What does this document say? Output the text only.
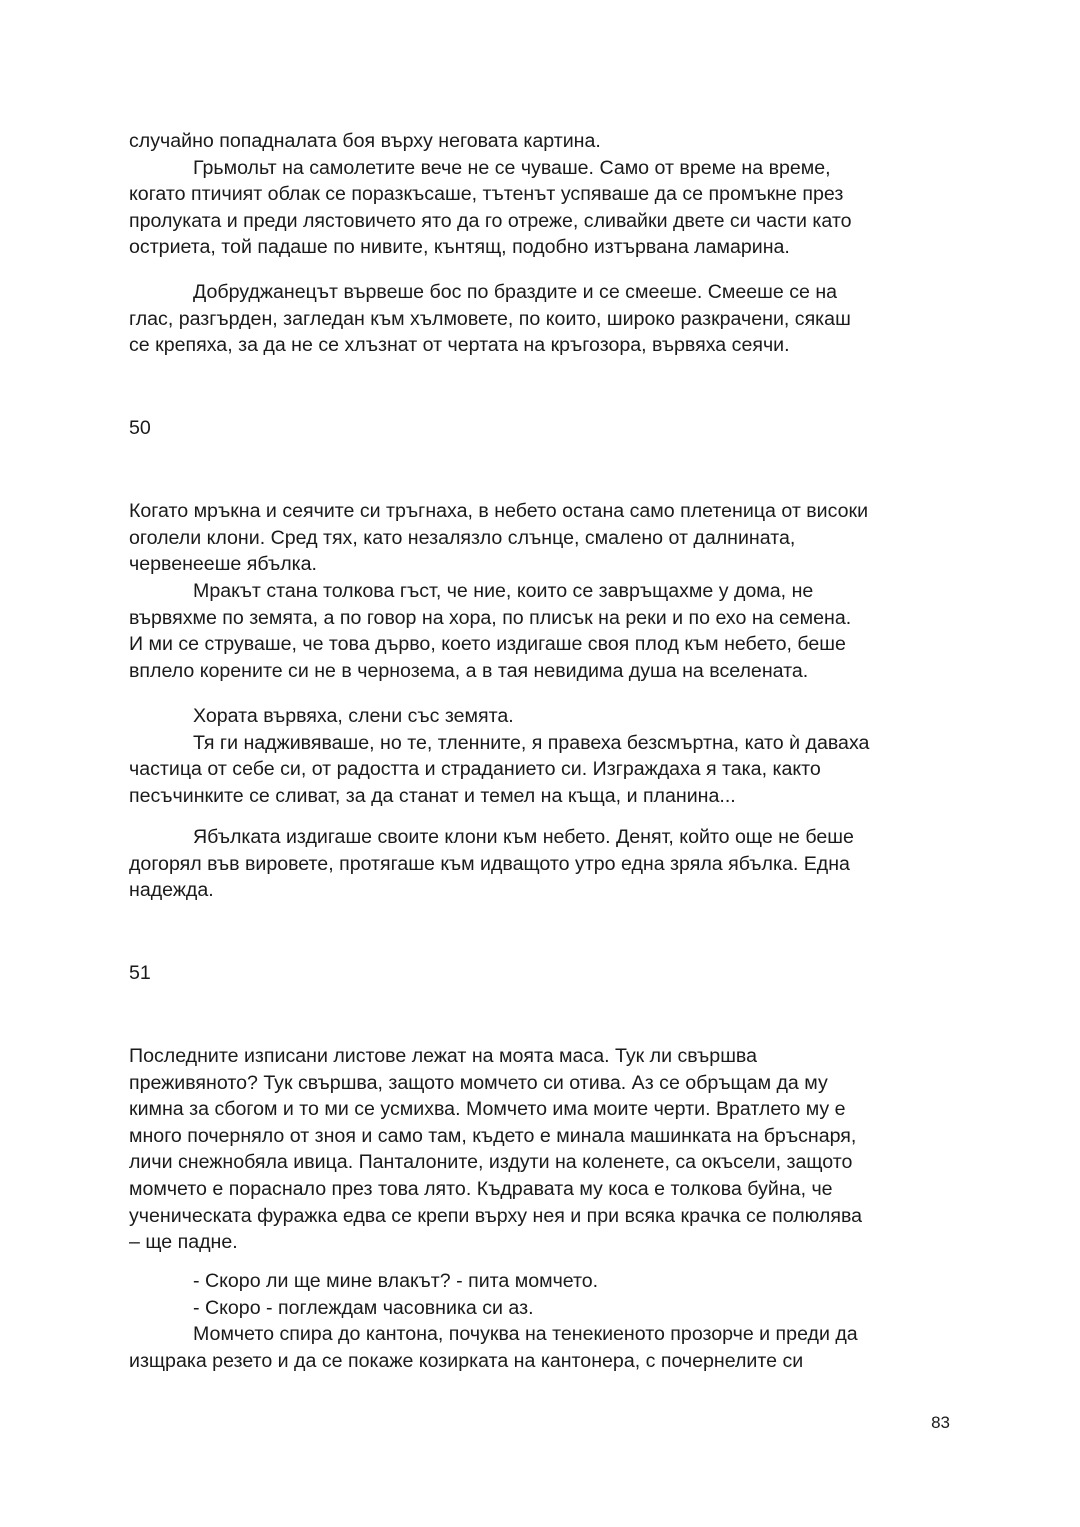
случайно попадналата боя върху неговата картина.
Грьмольт на самолетите вече не се чуваше. Само от време на време,
когато птичият облак се поразкъсаше, тътенът успяваше да се промъкне през
пролуката и преди лястовичето ято да го отреже, сливайки двете си части като
остриета, той падаше по нивите, кънтящ, подобно изтървана ламарина.
Добруджанецът вървеше бос по браздите и се смееше. Смееше се на
глас, разгърден, загледан към хълмовете, по които, широко разкрачени, сякаш
се крепяха, за да не се хлъзнат от чертата на кръгозора, вървяха сеячи.
Когато мръкна и сеячите си тръгнаха, в небето остана само плетеница от високи
оголели клони. Сред тях, като незалязло слънце, смалено от далнината,
червенееше ябълка.
Мракът стана толкова гъст, че ние, които се завръщахме у дома, не
вървяхме по земята, а по говор на хора, по плисък на реки и по ехо на семена.
И ми се струваше, че това дърво, което издигаше своя плод към небето, беше
вплело корените си не в чернозема, а в тая невидима душа на вселената.
Хората вървяха, слени със земята.
Тя ги надживяваше, но те, тленните, я правеха безсмъртна, като ѝ даваха
частица от себе си, от радостта и страданието си. Изграждаха я така, както
песъчинките се сливат, за да станат и темел на къща, и планина...
Ябълката издигаше своите клони към небето. Денят, който още не беше
догорял във вировете, протягаше към идващото утро една зряла ябълка. Една
надежда.
Последните изписани листове лежат на моята маса. Тук ли свършва
преживяното? Тук свършва, защото момчето си отива. Аз се обръщам да му
кимна за сбогом и то ми се усмихва. Момчето има моите черти. Вратлето му е
много почерняло от зноя и само там, където е минала машинката на бръснаря,
личи снежнобяла ивица. Панталоните, издути на коленете, са окъсели, защото
момчето е пораснало през това лято. Къдравата му коса е толкова буйна, че
ученическата фуражка едва се крепи върху нея и при всяка крачка се полюлява
– ще падне.
- Скоро ли ще мине влакът? - пита момчето.
- Скоро - поглеждам часовника си аз.
Момчето спира до кантона, почуква на тенекиеното прозорче и преди да
изщрака резето и да се покаже козирката на кантонера, с почернелите си
50
51
83
